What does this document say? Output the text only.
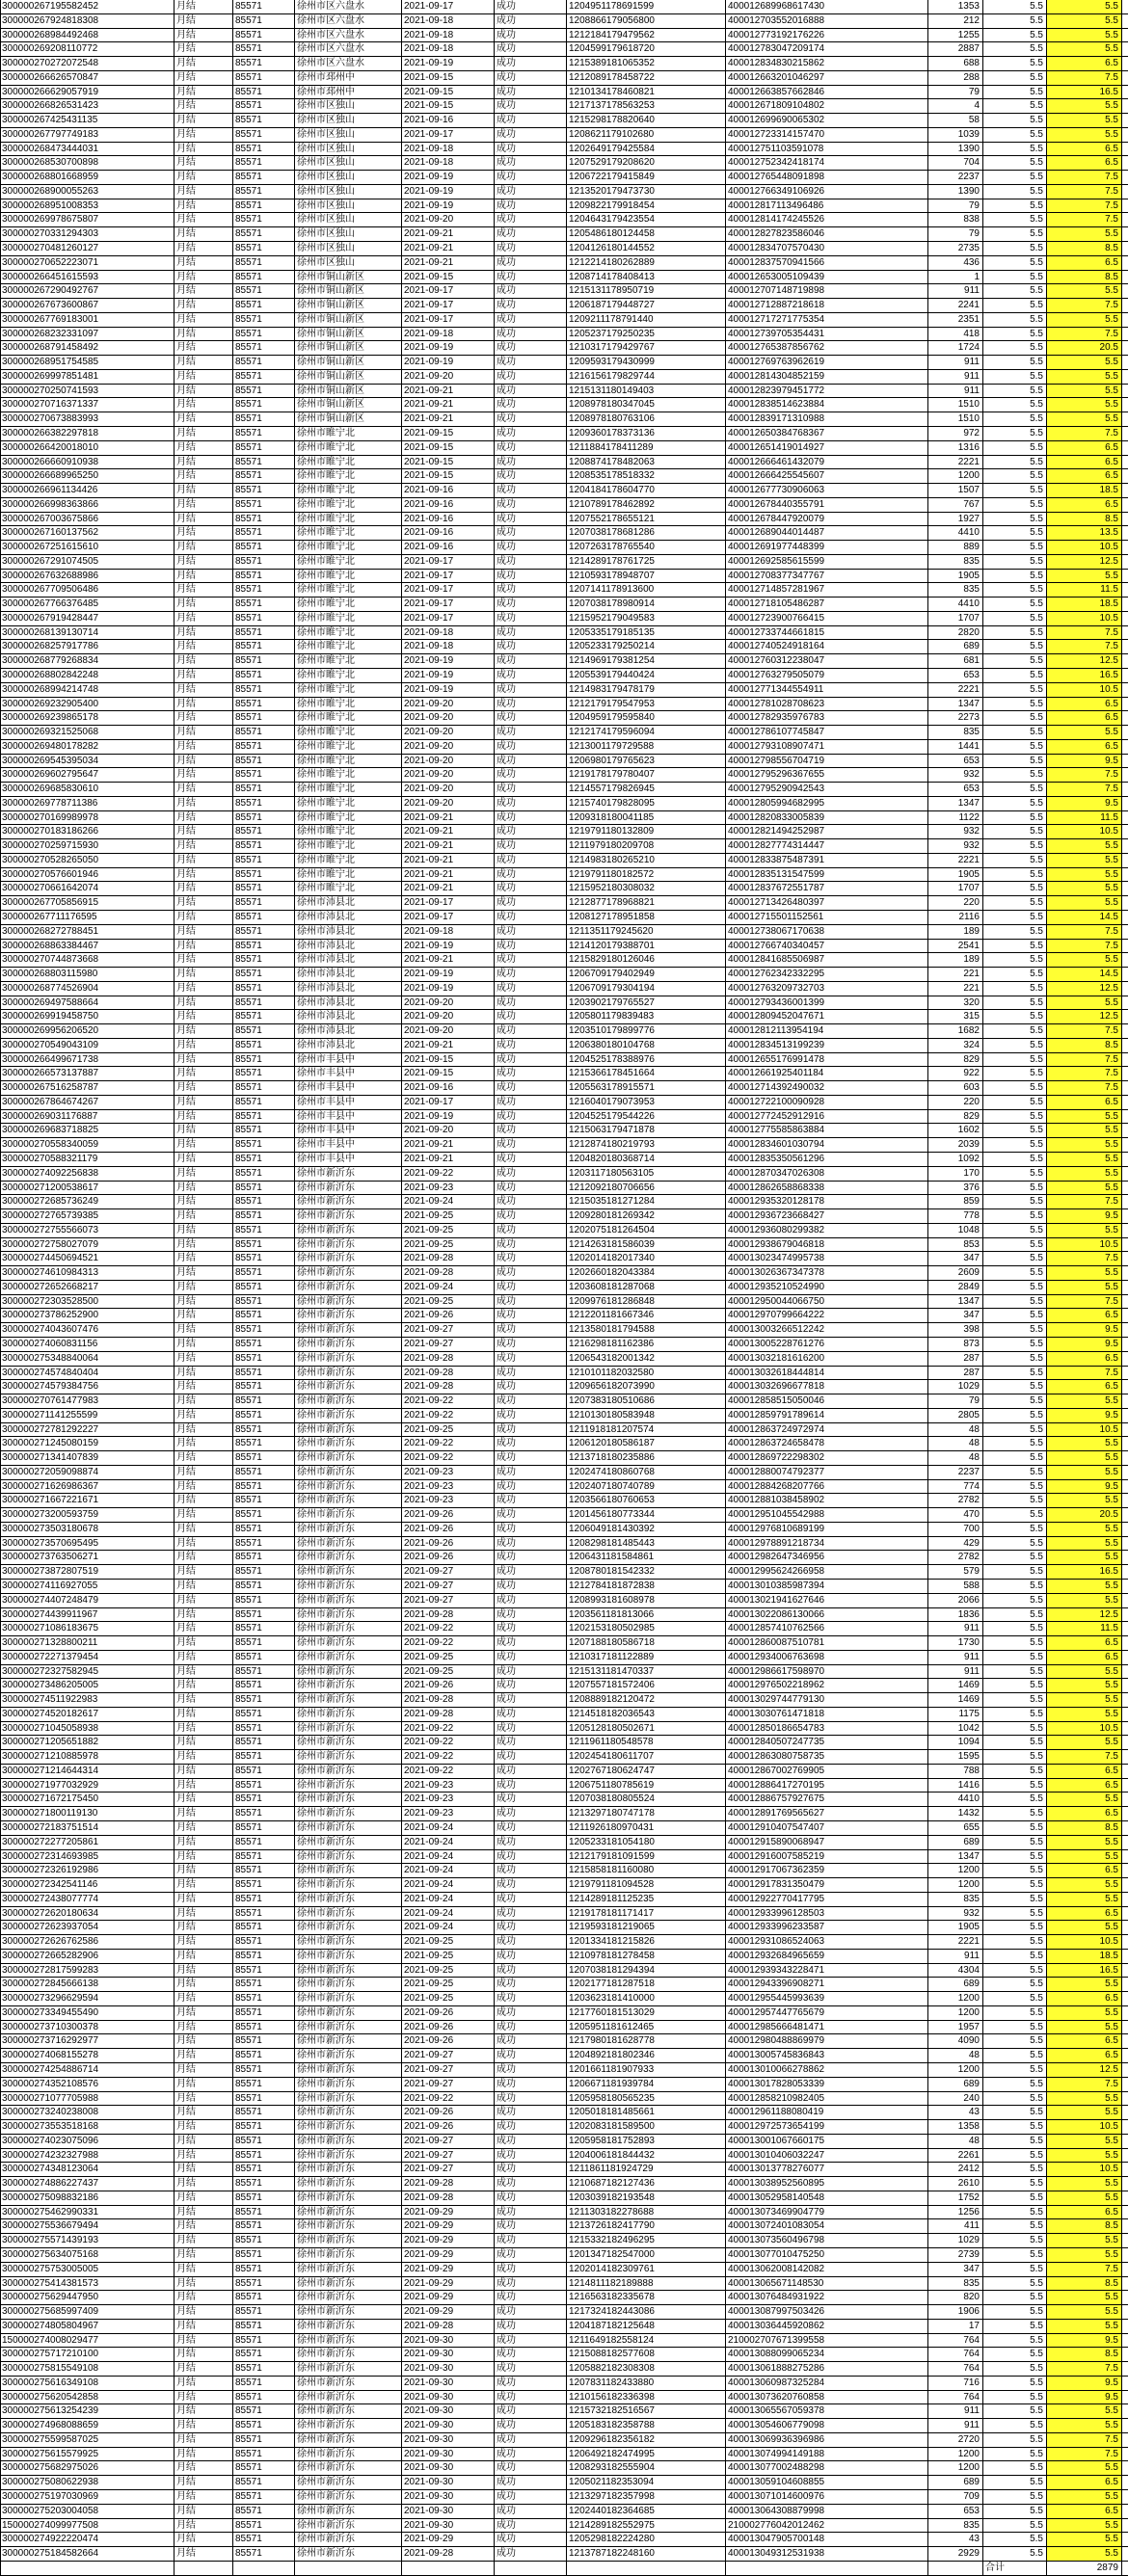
300000267195582452	月结	85571	徐州市区六盘水	2021-09-17	成功	1204951178691599	400012689968617430	1353	5.5	5.5
300000267924818308	月结	85571	徐州市区六盘水	2021-09-18	成功	1208866179056800	400012703552016888	212	5.5	5.5
300000268984492468	月结	85571	徐州市区六盘水	2021-09-18	成功	1212184179479562	400012773192176226	1255	5.5	5.5
300000269208110772	月结	85571	徐州市区六盘水	2021-09-18	成功	1204599179618720	400012783047209174	2887	5.5	5.5
300000270272072548	月结	85571	徐州市区六盘水	2021-09-19	成功	1215389181065352	400012834830215862	688	5.5	6.5
300000266626570847	月结	85571	徐州市邳州中	2021-09-15	成功	1212089178458722	400012663201046297	288	5.5	7.5
300000266629057919	月结	85571	徐州市邳州中	2021-09-15	成功	1210134178460821	400012663857662846	79	5.5	16.5
300000266826531423	月结	85571	徐州市区独山	2021-09-15	成功	1217137178563253	400012671809104802	4	5.5	5.5
300000267425431135	月结	85571	徐州市区独山	2021-09-16	成功	1215298178820640	400012699690065302	58	5.5	5.5
300000267797749183	月结	85571	徐州市区独山	2021-09-17	成功	1208621179102680	400012723314157470	1039	5.5	5.5
300000268473444031	月结	85571	徐州市区独山	2021-09-18	成功	1202649179425584	400012751103591078	1390	5.5	6.5
300000268530700898	月结	85571	徐州市区独山	2021-09-18	成功	1207529179208620	400012752342418174	704	5.5	6.5
300000268801668959	月结	85571	徐州市区独山	2021-09-19	成功	1206722179415849	400012765448091898	2237	5.5	7.5
300000268900055263	月结	85571	徐州市区独山	2021-09-19	成功	1213520179473730	400012766349106926	1390	5.5	7.5
300000268951008353	月结	85571	徐州市区独山	2021-09-19	成功	1209822179918454	400012817113496486	79	5.5	7.5
300000269978675807	月结	85571	徐州市区独山	2021-09-20	成功	1204643179423554	400012814174245526	838	5.5	7.5
300000270331294303	月结	85571	徐州市区独山	2021-09-21	成功	1205486180124458	400012827823586046	79	5.5	5.5
300000270481260127	月结	85571	徐州市区独山	2021-09-21	成功	1204126180144552	400012834707570430	2735	5.5	8.5
300000270652223071	月结	85571	徐州市区独山	2021-09-21	成功	1212214180262889	400012837570941566	436	5.5	6.5
300000266451615593	月结	85571	徐州市铜山新区	2021-09-15	成功	1208714178408413	400012653005109439	1	5.5	8.5
300000267290492767	月结	85571	徐州市铜山新区	2021-09-17	成功	1215131178950719	400012707148719898	911	5.5	5.5
300000267673600867	月结	85571	徐州市铜山新区	2021-09-17	成功	1206187179448727	400012712887218618	2241	5.5	7.5
300000267769183001	月结	85571	徐州市铜山新区	2021-09-17	成功	1209211178791440	400012717271775354	2351	5.5	5.5
300000268232331097	月结	85571	徐州市铜山新区	2021-09-18	成功	1205237179250235	400012739705354431	418	5.5	7.5
300000268791458492	月结	85571	徐州市铜山新区	2021-09-19	成功	1210317179429767	400012765387856762	1724	5.5	20.5
300000268951754585	月结	85571	徐州市铜山新区	2021-09-19	成功	1209593179430999	400012769763962619	911	5.5	5.5
300000269997851481	月结	85571	徐州市铜山新区	2021-09-20	成功	1216156179829744	400012814304852159	911	5.5	5.5
300000270250741593	月结	85571	徐州市铜山新区	2021-09-21	成功	1215131180149403	400012823979451772	911	5.5	5.5
300000270716371337	月结	85571	徐州市铜山新区	2021-09-21	成功	1208978180347045	400012838514623884	1510	5.5	5.5
300000270673883993	月结	85571	徐州市铜山新区	2021-09-21	成功	1208978180763106	400012839171310988	1510	5.5	5.5
300000266382297818	月结	85571	徐州市睢宁北	2021-09-15	成功	1209360178373136	400012650384768367	972	5.5	7.5
300000266420018010	月结	85571	徐州市睢宁北	2021-09-15	成功	1211884178411289	400012651419014927	1316	5.5	6.5
300000266660910938	月结	85571	徐州市睢宁北	2021-09-15	成功	1208874178482063	400012666461432079	2221	5.5	6.5
300000266689965250	月结	85571	徐州市睢宁北	2021-09-15	成功	1208535178518332	400012666425545607	1200	5.5	6.5
300000266961134426	月结	85571	徐州市睢宁北	2021-09-16	成功	1204184178604770	400012677730906063	1507	5.5	18.5
300000266998363866	月结	85571	徐州市睢宁北	2021-09-16	成功	1210789178462892	400012678440355791	767	5.5	6.5
300000267003675866	月结	85571	徐州市睢宁北	2021-09-16	成功	1207552178655121	400012678447920079	1927	5.5	8.5
300000267160137562	月结	85571	徐州市睢宁北	2021-09-16	成功	1207038178681286	400012689044014487	4410	5.5	13.5
300000267251615610	月结	85571	徐州市睢宁北	2021-09-16	成功	1207263178765540	400012691977448399	889	5.5	10.5
300000267291074505	月结	85571	徐州市睢宁北	2021-09-17	成功	1214289178761725	400012692585615599	835	5.5	12.5
300000267632688986	月结	85571	徐州市睢宁北	2021-09-17	成功	1210593178948707	400012708377347767	1905	5.5	5.5
300000267709506486	月结	85571	徐州市睢宁北	2021-09-17	成功	1207141178913600	400012714857281967	835	5.5	11.5
300000267766376485	月结	85571	徐州市睢宁北	2021-09-17	成功	1207038178980914	400012718105486287	4410	5.5	18.5
300000267919428447	月结	85571	徐州市睢宁北	2021-09-17	成功	1215952179049583	400012723900766415	1707	5.5	10.5
300000268139130714	月结	85571	徐州市睢宁北	2021-09-18	成功	1205335179185135	400012733744661815	2820	5.5	7.5
300000268257917786	月结	85571	徐州市睢宁北	2021-09-18	成功	1205233179250214	400012740524918164	689	5.5	7.5
300000268779268834	月结	85571	徐州市睢宁北	2021-09-19	成功	1214969179381254	400012760312238047	681	5.5	12.5
300000268802842248	月结	85571	徐州市睢宁北	2021-09-19	成功	1205539179440424	400012763279505079	653	5.5	16.5
300000268994214748	月结	85571	徐州市睢宁北	2021-09-19	成功	1214983179478179	400012771344554911	2221	5.5	10.5
300000269232905400	月结	85571	徐州市睢宁北	2021-09-20	成功	1212179179547953	400012781028708623	1347	5.5	6.5
300000269239865178	月结	85571	徐州市睢宁北	2021-09-20	成功	1204959179595840	400012782935976783	2273	5.5	6.5
300000269321525068	月结	85571	徐州市睢宁北	2021-09-20	成功	1212174179596094	400012786107745847	835	5.5	5.5
300000269480178282	月结	85571	徐州市睢宁北	2021-09-20	成功	1213001179729588	400012793108907471	1441	5.5	6.5
300000269545395034	月结	85571	徐州市睢宁北	2021-09-20	成功	1206980179765623	400012798556704719	653	5.5	9.5
300000269602795647	月结	85571	徐州市睢宁北	2021-09-20	成功	1219178179780407	400012795296367655	932	5.5	7.5
300000269685830610	月结	85571	徐州市睢宁北	2021-09-20	成功	1214557179826945	400012795290942543	653	5.5	7.5
300000269778711386	月结	85571	徐州市睢宁北	2021-09-20	成功	1215740179828095	400012805994682995	1347	5.5	9.5
300000270169989978	月结	85571	徐州市睢宁北	2021-09-21	成功	1209318180041185	400012820833005839	1122	5.5	11.5
300000270183186266	月结	85571	徐州市睢宁北	2021-09-21	成功	1219791180132809	400012821494252987	932	5.5	10.5
300000270259715930	月结	85571	徐州市睢宁北	2021-09-21	成功	1211979180209708	400012827774314447	932	5.5	5.5
300000270528265050	月结	85571	徐州市睢宁北	2021-09-21	成功	1214983180265210	400012833875487391	2221	5.5	5.5
300000270576601946	月结	85571	徐州市睢宁北	2021-09-21	成功	1219791180182572	400012835131547599	1905	5.5	5.5
300000270661642074	月结	85571	徐州市睢宁北	2021-09-21	成功	1215952180308032	400012837672551787	1707	5.5	5.5
300000267705856915	月结	85571	徐州市沛县北	2021-09-17	成功	1212877178968821	400012713426480397	220	5.5	5.5
300000267711176595	月结	85571	徐州市沛县北	2021-09-17	成功	1208127178951858	400012715501152561	2116	5.5	14.5
300000268272788451	月结	85571	徐州市沛县北	2021-09-18	成功	1211351179245620	400012738067170638	189	5.5	7.5
300000268863384467	月结	85571	徐州市沛县北	2021-09-19	成功	1214120179388701	400012766740340457	2541	5.5	7.5
300000270744873668	月结	85571	徐州市沛县北	2021-09-21	成功	1215829180126046	400012841685506987	189	5.5	5.5
300000268803115980	月结	85571	徐州市沛县北	2021-09-19	成功	1206709179402949	400012762342332295	221	5.5	14.5
300000268774526904	月结	85571	徐州市沛县北	2021-09-19	成功	1206709179304194	400012763209732703	221	5.5	12.5
300000269497588664	月结	85571	徐州市沛县北	2021-09-20	成功	1203902179765527	400012793436001399	320	5.5	5.5
300000269919458750	月结	85571	徐州市沛县北	2021-09-20	成功	1205801179839483	400012809452047671	315	5.5	12.5
300000269956206520	月结	85571	徐州市沛县北	2021-09-20	成功	1203510179899776	400012812113954194	1682	5.5	7.5
300000270549043109	月结	85571	徐州市沛县北	2021-09-21	成功	1206380180104768	400012834513199239	324	5.5	8.5
300000266499671738	月结	85571	徐州市丰县中	2021-09-15	成功	1204525178388976	400012655176991478	829	5.5	7.5
300000266573137887	月结	85571	徐州市丰县中	2021-09-15	成功	1215366178451664	400012661925401184	922	5.5	7.5
300000267516258787	月结	85571	徐州市丰县中	2021-09-16	成功	1205563178915571	400012714392490032	603	5.5	7.5
300000267864674267	月结	85571	徐州市丰县中	2021-09-17	成功	1216040179073953	400012722100090928	220	5.5	6.5
300000269031176887	月结	85571	徐州市丰县中	2021-09-19	成功	1204525179544226	400012772452912916	829	5.5	5.5
300000269683718825	月结	85571	徐州市丰县中	2021-09-20	成功	1215063179471878	400012775585863884	1602	5.5	5.5
300000270558340059	月结	85571	徐州市丰县中	2021-09-21	成功	1212874180219793	400012834601030794	2039	5.5	5.5
300000270588321179	月结	85571	徐州市丰县中	2021-09-21	成功	1204820180368714	400012835350561296	1092	5.5	5.5
300000274092256838	月结	85571	徐州市新沂东	2021-09-22	成功	1203117180563105	400012870347026308	170	5.5	5.5
300000271200538617	月结	85571	徐州市新沂东	2021-09-23	成功	1212092180706656	400012862658868338	376	5.5	5.5
300000272685736249	月结	85571	徐州市新沂东	2021-09-24	成功	1215035181271284	400012935320128178	859	5.5	7.5
300000272765739385	月结	85571	徐州市新沂东	2021-09-25	成功	1209280181269342	400012936723668427	778	5.5	9.5
300000272755566073	月结	85571	徐州市新沂东	2021-09-25	成功	1202075181264504	400012936080299382	1048	5.5	5.5
300000272758027079	月结	85571	徐州市新沂东	2021-09-25	成功	1214263181586039	400012938679046818	853	5.5	10.5
300000274450694521	月结	85571	徐州市新沂东	2021-09-28	成功	1202014182017340	400013023474995738	347	5.5	7.5
300000274610984313	月结	85571	徐州市新沂东	2021-09-28	成功	1202660182043384	400013026367347378	2609	5.5	5.5
300000272652668217	月结	85571	徐州市新沂东	2021-09-24	成功	1203608181287068	400012935210524990	2849	5.5	5.5
300000272303528500	月结	85571	徐州市新沂东	2021-09-25	成功	1209976181286848	400012950044066750	1347	5.5	7.5
300000273786252900	月结	85571	徐州市新沂东	2021-09-26	成功	1212201181667346	400012970799664222	347	5.5	6.5
300000274043607476	月结	85571	徐州市新沂东	2021-09-27	成功	1213580181794588	400013003266512242	398	5.5	9.5
300000274060831156	月结	85571	徐州市新沂东	2021-09-27	成功	1216298181162386	400013005228761276	873	5.5	9.5
300000275348840064	月结	85571	徐州市新沂东	2021-09-28	成功	1206543182001342	400013032181616200	287	5.5	6.5
300000274574840404	月结	85571	徐州市新沂东	2021-09-28	成功	1210101182032580	400013032618444814	287	5.5	7.5
300000274579384756	月结	85571	徐州市新沂东	2021-09-28	成功	1209656182073990	400013032696677818	1029	5.5	6.5
300000270761477983	月结	85571	徐州市新沂东	2021-09-22	成功	1207383180510686	400012858515050046	79	5.5	5.5
300000271141255599	月结	85571	徐州市新沂东	2021-09-22	成功	1210130180583948	400012859791789614	2805	5.5	9.5
300000272781292227	月结	85571	徐州市新沂东	2021-09-25	成功	1211918181207574	400012863724972974	48	5.5	10.5
300000271245080159	月结	85571	徐州市新沂东	2021-09-22	成功	1206120180586187	400012863724658478	48	5.5	5.5
300000271341407839	月结	85571	徐州市新沂东	2021-09-22	成功	1213718180235886	400012869722298302	48	5.5	5.5
300000272059098874	月结	85571	徐州市新沂东	2021-09-23	成功	1202474180860768	400012880074792377	2237	5.5	5.5
300000271626986367	月结	85571	徐州市新沂东	2021-09-23	成功	1202407180740789	400012884268207766	774	5.5	9.5
300000271667221671	月结	85571	徐州市新沂东	2021-09-23	成功	1203566180760653	400012881038458902	2782	5.5	5.5
300000273200593759	月结	85571	徐州市新沂东	2021-09-26	成功	1201456180773344	400012951045542988	470	5.5	20.5
300000273503180678	月结	85571	徐州市新沂东	2021-09-26	成功	1206049181430392	400012976810689199	700	5.5	5.5
300000273570695495	月结	85571	徐州市新沂东	2021-09-26	成功	1208298181485443	400012978891218734	429	5.5	5.5
300000273763506271	月结	85571	徐州市新沂东	2021-09-26	成功	1206431181584861	400012982647346956	2782	5.5	5.5
300000273872807519	月结	85571	徐州市新沂东	2021-09-27	成功	1208780181542332	400012995624266958	579	5.5	16.5
300000274116927055	月结	85571	徐州市新沂东	2021-09-27	成功	1212784181872838	400013010385987394	588	5.5	5.5
300000274407248479	月结	85571	徐州市新沂东	2021-09-27	成功	1208993181608978	400013021941627646	2066	5.5	5.5
300000274439911967	月结	85571	徐州市新沂东	2021-09-28	成功	1203561181813066	400013022086130066	1836	5.5	12.5
300000271086183675	月结	85571	徐州市新沂东	2021-09-22	成功	1202153180502985	400012857410762566	911	5.5	11.5
300000271328800211	月结	85571	徐州市新沂东	2021-09-22	成功	1207188180586718	400012860087510781	1730	5.5	6.5
300000272271379454	月结	85571	徐州市新沂东	2021-09-25	成功	1210317181122889	400012934006763698	911	5.5	6.5
300000272327582945	月结	85571	徐州市新沂东	2021-09-25	成功	1215131181470337	400012986617598970	911	5.5	5.5
300000273486205005	月结	85571	徐州市新沂东	2021-09-26	成功	1207557181572406	400012976502218962	1469	5.5	5.5
300000274511922983	月结	85571	徐州市新沂东	2021-09-28	成功	1208889182120472	400013029744779130	1469	5.5	5.5
300000274520182617	月结	85571	徐州市新沂东	2021-09-28	成功	1214518182036543	400013030761471818	1175	5.5	5.5
300000271045058938	月结	85571	徐州市新沂东	2021-09-22	成功	1205128180502671	400012850186654783	1042	5.5	10.5
300000271205651882	月结	85571	徐州市新沂东	2021-09-22	成功	1211961180548578	400012840507247735	1094	5.5	5.5
300000271210885978	月结	85571	徐州市新沂东	2021-09-22	成功	1202454180611707	400012863080758735	1595	5.5	7.5
300000271214644314	月结	85571	徐州市新沂东	2021-09-22	成功	1202767180624747	400012867002769905	788	5.5	6.5
300000271977032929	月结	85571	徐州市新沂东	2021-09-23	成功	1206751180785619	400012886417270195	1416	5.5	6.5
300000271672175450	月结	85571	徐州市新沂东	2021-09-23	成功	1207038180805524	400012886757927675	4410	5.5	5.5
300000271800119130	月结	85571	徐州市新沂东	2021-09-23	成功	1213297180747178	400012891769565627	1432	5.5	6.5
300000272183751514	月结	85571	徐州市新沂东	2021-09-24	成功	1211926180970431	400012910407547407	655	5.5	8.5
300000272277205861	月结	85571	徐州市新沂东	2021-09-24	成功	1205233181054180	400012915890068947	689	5.5	5.5
300000272314693985	月结	85571	徐州市新沂东	2021-09-24	成功	1212179181091599	400012916007585219	1347	5.5	5.5
300000272326192986	月结	85571	徐州市新沂东	2021-09-24	成功	1215858181160080	400012917067362359	1200	5.5	6.5
300000272342541146	月结	85571	徐州市新沂东	2021-09-24	成功	1219791181094528	400012917831350479	1200	5.5	5.5
300000272438077774	月结	85571	徐州市新沂东	2021-09-24	成功	1214289181125235	400012922770417795	835	5.5	5.5
300000272620180634	月结	85571	徐州市新沂东	2021-09-24	成功	1219178181171417	400012933996128503	932	5.5	6.5
300000272623937054	月结	85571	徐州市新沂东	2021-09-24	成功	1219593181219065	400012933996233587	1905	5.5	5.5
300000272626762586	月结	85571	徐州市新沂东	2021-09-25	成功	1201334181215826	400012931086524063	2221	5.5	10.5
300000272665282906	月结	85571	徐州市新沂东	2021-09-25	成功	1210978181278458	400012932684965659	911	5.5	18.5
300000272817599283	月结	85571	徐州市新沂东	2021-09-25	成功	1207038181294394	400012939343228471	4304	5.5	16.5
300000272845666138	月结	85571	徐州市新沂东	2021-09-25	成功	1202177181287518	400012943396908271	689	5.5	5.5
300000273296629594	月结	85571	徐州市新沂东	2021-09-25	成功	1203623181410000	400012955445993639	1200	5.5	6.5
300000273349455490	月结	85571	徐州市新沂东	2021-09-26	成功	1217760181513029	400012957447765679	1200	5.5	5.5
300000273710300378	月结	85571	徐州市新沂东	2021-09-26	成功	1205951181612465	400012985666481471	1957	5.5	5.5
300000273716292977	月结	85571	徐州市新沂东	2021-09-26	成功	1217980181628778	400012980488869979	4090	5.5	6.5
300000274068155278	月结	85571	徐州市新沂东	2021-09-27	成功	1204892181802346	400013005745836843	48	5.5	6.5
300000274254886714	月结	85571	徐州市新沂东	2021-09-27	成功	1201661181907933	400013010066278862	1200	5.5	12.5
300000274352108576	月结	85571	徐州市新沂东	2021-09-27	成功	1206671181939784	400013017828053339	689	5.5	7.5
300000271077705988	月结	85571	徐州市新沂东	2021-09-22	成功	1205958180565235	400012858210982405	240	5.5	5.5
300000273240238008	月结	85571	徐州市新沂东	2021-09-26	成功	1205018181485661	400012961188080419	43	5.5	5.5
300000273553518168	月结	85571	徐州市新沂东	2021-09-26	成功	1202083181589500	400012972573654199	1358	5.5	10.5
300000274023075096	月结	85571	徐州市新沂东	2021-09-27	成功	1205958181752893	400013001067660175	48	5.5	5.5
300000274232327988	月结	85571	徐州市新沂东	2021-09-27	成功	1204006181844432	400013010406032247	2261	5.5	5.5
300000274348123064	月结	85571	徐州市新沂东	2021-09-27	成功	1211861181924729	400013013778276077	2412	5.5	10.5
300000274886227437	月结	85571	徐州市新沂东	2021-09-28	成功	1210687182127436	400013038952560895	2610	5.5	5.5
300000275098832186	月结	85571	徐州市新沂东	2021-09-28	成功	1203039182193548	400013052958140548	1752	5.5	5.5
300000275462990331	月结	85571	徐州市新沂东	2021-09-29	成功	1211303182278688	400013073469904779	1256	5.5	6.5
300000275536679494	月结	85571	徐州市新沂东	2021-09-29	成功	1213726182417790	400013072401083054	411	5.5	8.5
300000275571439193	月结	85571	徐州市新沂东	2021-09-29	成功	1215332182496295	400013073560496798	1029	5.5	5.5
300000275634075168	月结	85571	徐州市新沂东	2021-09-29	成功	1201347182547000	400013077010475250	2739	5.5	5.5
300000275753005005	月结	85571	徐州市新沂东	2021-09-29	成功	1202014182309761	400013062008142082	347	5.5	7.5
300000275414381573	月结	85571	徐州市新沂东	2021-09-29	成功	1214811182189888	400013065671148530	835	5.5	8.5
300000275629447950	月结	85571	徐州市新沂东	2021-09-29	成功	1216563182335678	400013076484931922	820	5.5	5.5
300000275685997409	月结	85571	徐州市新沂东	2021-09-29	成功	1217324182443086	400013087997503426	1906	5.5	5.5
300000274805804967	月结	85571	徐州市新沂东	2021-09-28	成功	1204187182125648	400013036445920862	17	5.5	5.5
150000274008029477	月结	85571	徐州市新沂东	2021-09-30	成功	1211649182558124	210002707671399558	764	5.5	9.5
300000275717210100	月结	85571	徐州市新沂东	2021-09-30	成功	1215088182577608	400013088099065234	764	5.5	8.5
300000275815549108	月结	85571	徐州市新沂东	2021-09-30	成功	1205882182308308	400013061888275286	764	5.5	7.5
300000275616349108	月结	85571	徐州市新沂东	2021-09-30	成功	1207831182433880	400013060987325284	716	5.5	9.5
300000275620542858	月结	85571	徐州市新沂东	2021-09-30	成功	1210156182336398	400013073620760858	764	5.5	9.5
300000275613254239	月结	85571	徐州市新沂东	2021-09-30	成功	1215732182516567	400013065567059378	911	5.5	5.5
300000274968088659	月结	85571	徐州市新沂东	2021-09-30	成功	1205183182358788	400013054606779098	911	5.5	5.5
300000275599587025	月结	85571	徐州市新沂东	2021-09-30	成功	1209296182356182	400013069936396986	2720	5.5	7.5
300000275615579925	月结	85571	徐州市新沂东	2021-09-30	成功	1206492182474995	400013074994149188	1200	5.5	7.5
300000275682975026	月结	85571	徐州市新沂东	2021-09-30	成功	1208293182555904	400013077002488298	1200	5.5	5.5
300000275080622938	月结	85571	徐州市新沂东	2021-09-30	成功	1205021182353094	400013059104608855	689	5.5	6.5
300000275197030969	月结	85571	徐州市新沂东	2021-09-30	成功	1213297182357998	400013071014600976	709	5.5	5.5
300000275203004058	月结	85571	徐州市新沂东	2021-09-30	成功	1202440182364685	400013064308879998	653	5.5	6.5
150000274099977508	月结	85571	徐州市新沂东	2021-09-30	成功	1214289182552975	210002776042012462	835	5.5	5.5
300000274922220474	月结	85571	徐州市新沂东	2021-09-29	成功	1205298182224280	400013047905700148	43	5.5	5.5
300000275184582664	月结	85571	徐州市新沂东	2021-09-28	成功	1213787182248160	400013049312531938	2929	5.5	5.5
合计	2879
